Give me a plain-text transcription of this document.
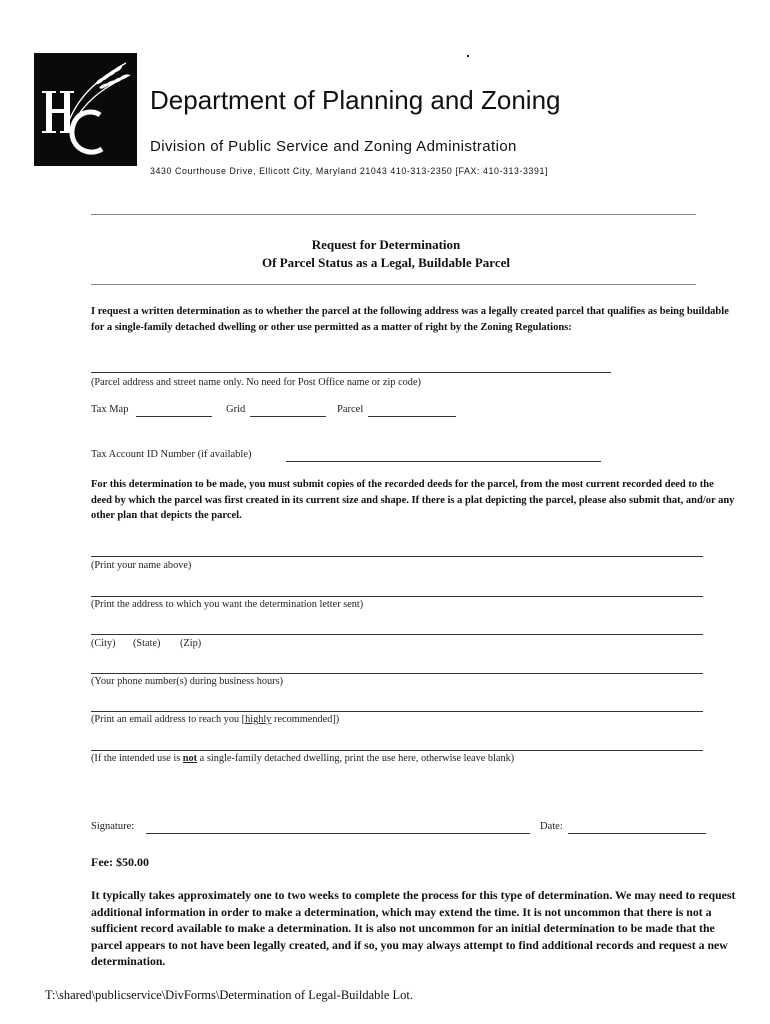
Department of Planning and Zoning
Division of Public Service and Zoning Administration
3430 Courthouse Drive, Ellicott City, Maryland 21043 410-313-2350 [FAX: 410-313-3391]
Request for Determination
Of Parcel Status as a Legal, Buildable Parcel
I request a written determination as to whether the parcel at the following address was a legally created parcel that qualifies as being buildable for a single-family detached dwelling or other use permitted as a matter of right by the Zoning Regulations:
(Parcel address and street name only. No need for Post Office name or zip code)
Tax Map	Grid	Parcel
Tax Account ID Number (if available)
For this determination to be made, you must submit copies of the recorded deeds for the parcel, from the most current recorded deed to the deed by which the parcel was first created in its current size and shape. If there is a plat depicting the parcel, please also submit that, and/or any other plan that depicts the parcel.
(Print your name above)
(Print the address to which you want the determination letter sent)
(City) (State) (Zip)
(Your phone number(s) during business hours)
(Print an email address to reach you [highly recommended])
(If the intended use is not a single-family detached dwelling, print the use here, otherwise leave blank)
Signature:	Date:
Fee: $50.00
It typically takes approximately one to two weeks to complete the process for this type of determination. We may need to request additional information in order to make a determination, which may extend the time. It is not uncommon that there is not a sufficient record available to make a determination. It is also not uncommon for an initial determination to be made that the parcel appears to not have been legally created, and if so, you may always attempt to find additional records and request a new determination.
T:\shared\publicservice\DivForms\Determination of Legal-Buildable Lot.
